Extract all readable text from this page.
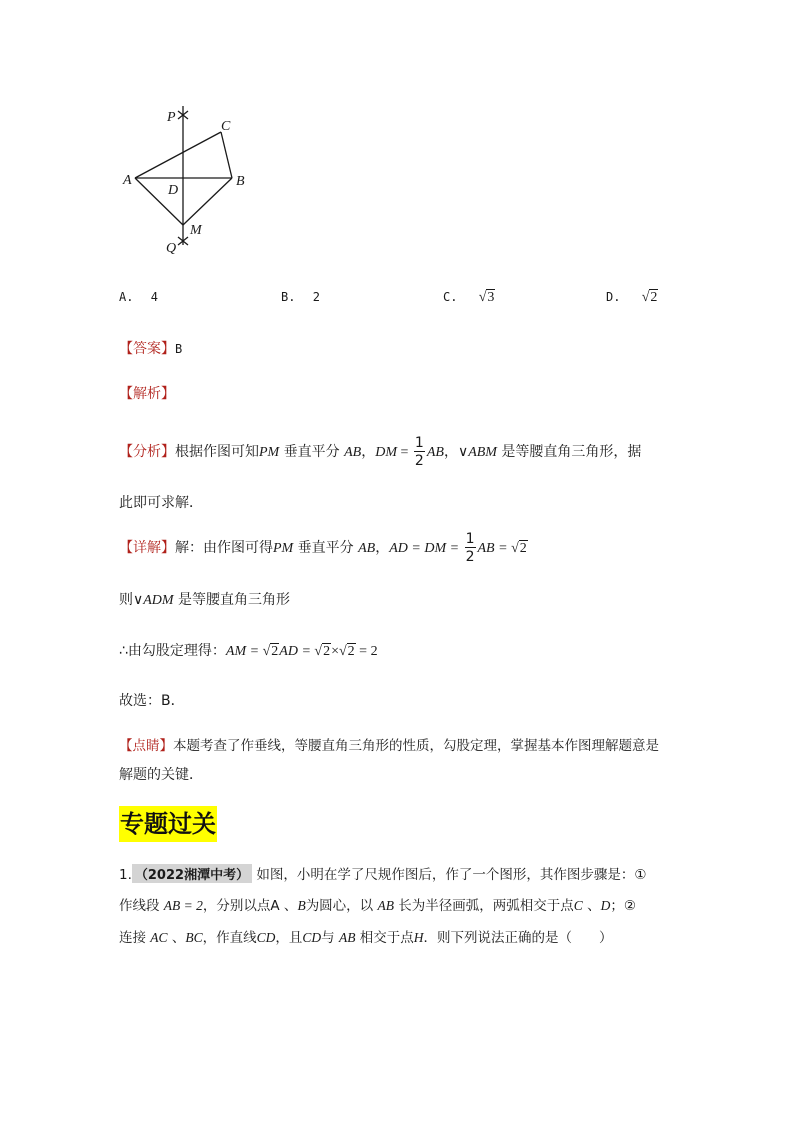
P
C
A	B
D
M
Q
A. 4	B. 2	C. √3	D. √2
【答案】B
【解析】
【分析】根据作图可知PM 垂直平分 AB，DM = $\frac{1}{2}$ AB，∨ABM 是等腰直角三角形，据
此即可求解．
【详解】解：由作图可得PM 垂直平分 AB，AD = DM = $\frac{1}{2}$ AB = √2
则∨ADM 是等腰直角三角形
∴由勾股定理得：AM = √2AD = √2×√2 = 2
故选：B．
【点睛】本题考查了作垂线，等腰直角三角形的性质，勾股定理，掌握基本作图理解题意是
解题的关键．
专题过关
1. （2022湘潭中考） 如图，小明在学了尺规作图后，作了一个图形，其作图步骤是：①
作线段 AB = 2，分别以点A 、B为圆心，以 AB 长为半径画弧，两弧相交于点C 、D；②
连接 AC 、BC，作直线CD，且CD与 AB 相交于点H．则下列说法正确的是（　　）
